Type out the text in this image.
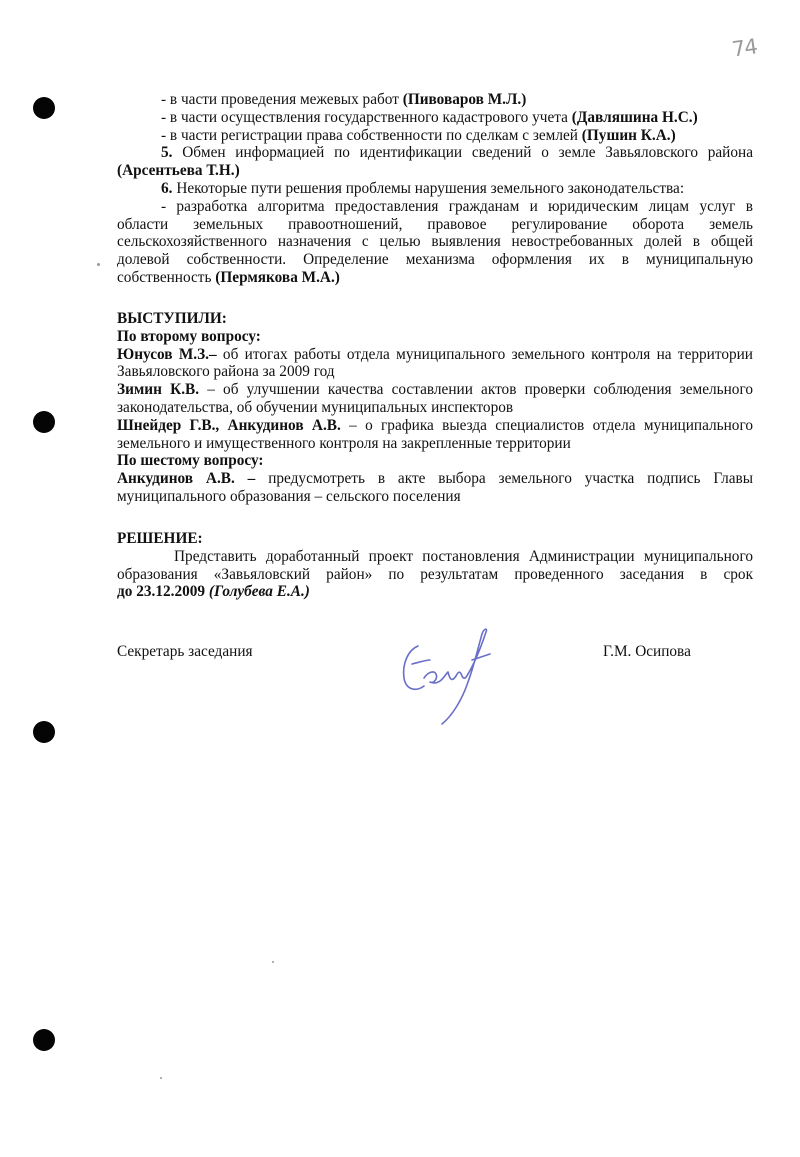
74
- в части проведения межевых работ (Пивоваров М.Л.)
- в части осуществления государственного кадастрового учета (Давляшина Н.С.)
- в части регистрации права собственности по сделкам с землей (Пушин К.А.)
5. Обмен информацией по идентификации сведений о земле Завьяловского района
(Арсентьева Т.Н.)
6. Некоторые пути решения проблемы нарушения земельного законодательства:
- разработка алгоритма предоставления гражданам и юридическим лицам услуг в
области земельных правоотношений, правовое регулирование оборота земель
сельскохозяйственного назначения с целью выявления невостребованных долей в общей
долевой собственности. Определение механизма оформления их в муниципальную
собственность (Пермякова М.А.)
ВЫСТУПИЛИ:
По второму вопросу:
Юнусов М.З.– об итогах работы отдела муниципального земельного контроля на территории
Завьяловского района за 2009 год
Зимин К.В. – об улучшении качества составлении актов проверки соблюдения земельного
законодательства, об обучении муниципальных инспекторов
Шнейдер Г.В., Анкудинов А.В. – о графика выезда специалистов отдела муниципального
земельного и имущественного контроля на закрепленные территории
По шестому вопросу:
Анкудинов А.В. – предусмотреть в акте выбора земельного участка подпись Главы
муниципального образования – сельского поселения
РЕШЕНИЕ:
Представить доработанный проект постановления Администрации муниципального
образования «Завьяловский район» по результатам проведенного заседания в срок
до 23.12.2009 (Голубева Е.А.)
Секретарь заседания	Г.М. Осипова
